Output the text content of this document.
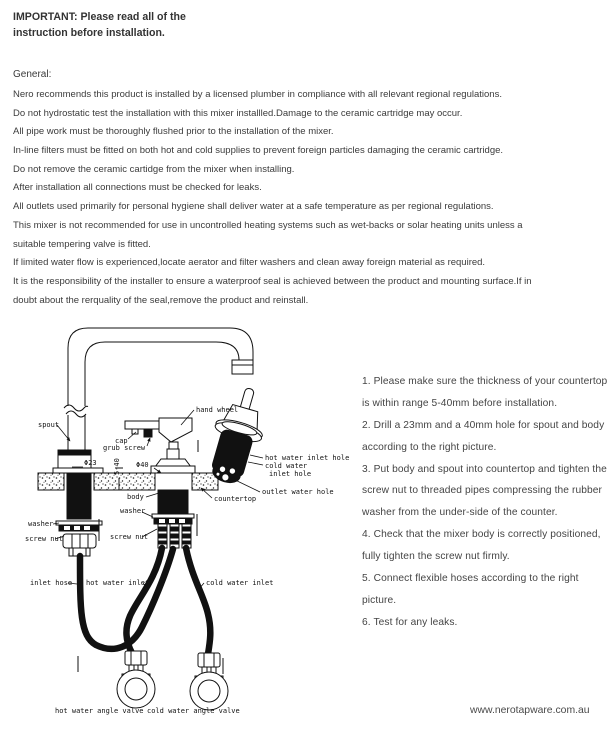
IMPORTANT: Please read all of the
instruction before installation.
General:
Nero recommends this product is installed by a licensed plumber in compliance with all relevant regional regulations.
Do not hydrostatic test the installation with this mixer installled.Damage to the ceramic cartridge may occur.
All pipe work must be thoroughly flushed prior to the installation of the mixer.
In-line filters must be fitted on both hot and cold supplies to prevent foreign particles damaging the ceramic cartridge.
Do not remove the ceramic cartidge from the mixer when installing.
After installation all connections must be checked for leaks.
All outlets used primarily for personal hygiene shall deliver water at a safe temperature as per regional regulations.
This mixer is not recommended for use in uncontrolled heating systems such as wet-backs or solar heating units unless a
suitable tempering valve is fitted.
If limited water flow is experienced,locate aerator and filter washers and clean away foreign material as required.
It is the responsibility of the installer to ensure a waterproof seal is achieved between the product and mounting surface.If in
doubt about the rerquality of the seal,remove the product and reinstall.
1. Please make sure the thickness of your countertop
is within range 5-40mm before installation.
2. Drill a 23mm and a 40mm hole for spout and body
according to the right picture.
3. Put body and spout into countertop and tighten the
screw nut to threaded pipes compressing the rubber
washer from the under-side of the counter.
4. Check that the mixer body is correctly positioned,
fully tighten the screw nut firmly.
5. Connect flexible hoses according to the right
picture.
6. Test for any leaks.
spout
cap
grub screw
hand wheel
Φ23	Φ40
5-40
body
washer
screw nut
washer
screw nut
inlet hose hot water inlet	cold water inlet
hot water inlet hole
cold water
inlet hole
outlet water hole
countertop
hot water angle valve cold water angle valve	www.nerotapware.com.au
